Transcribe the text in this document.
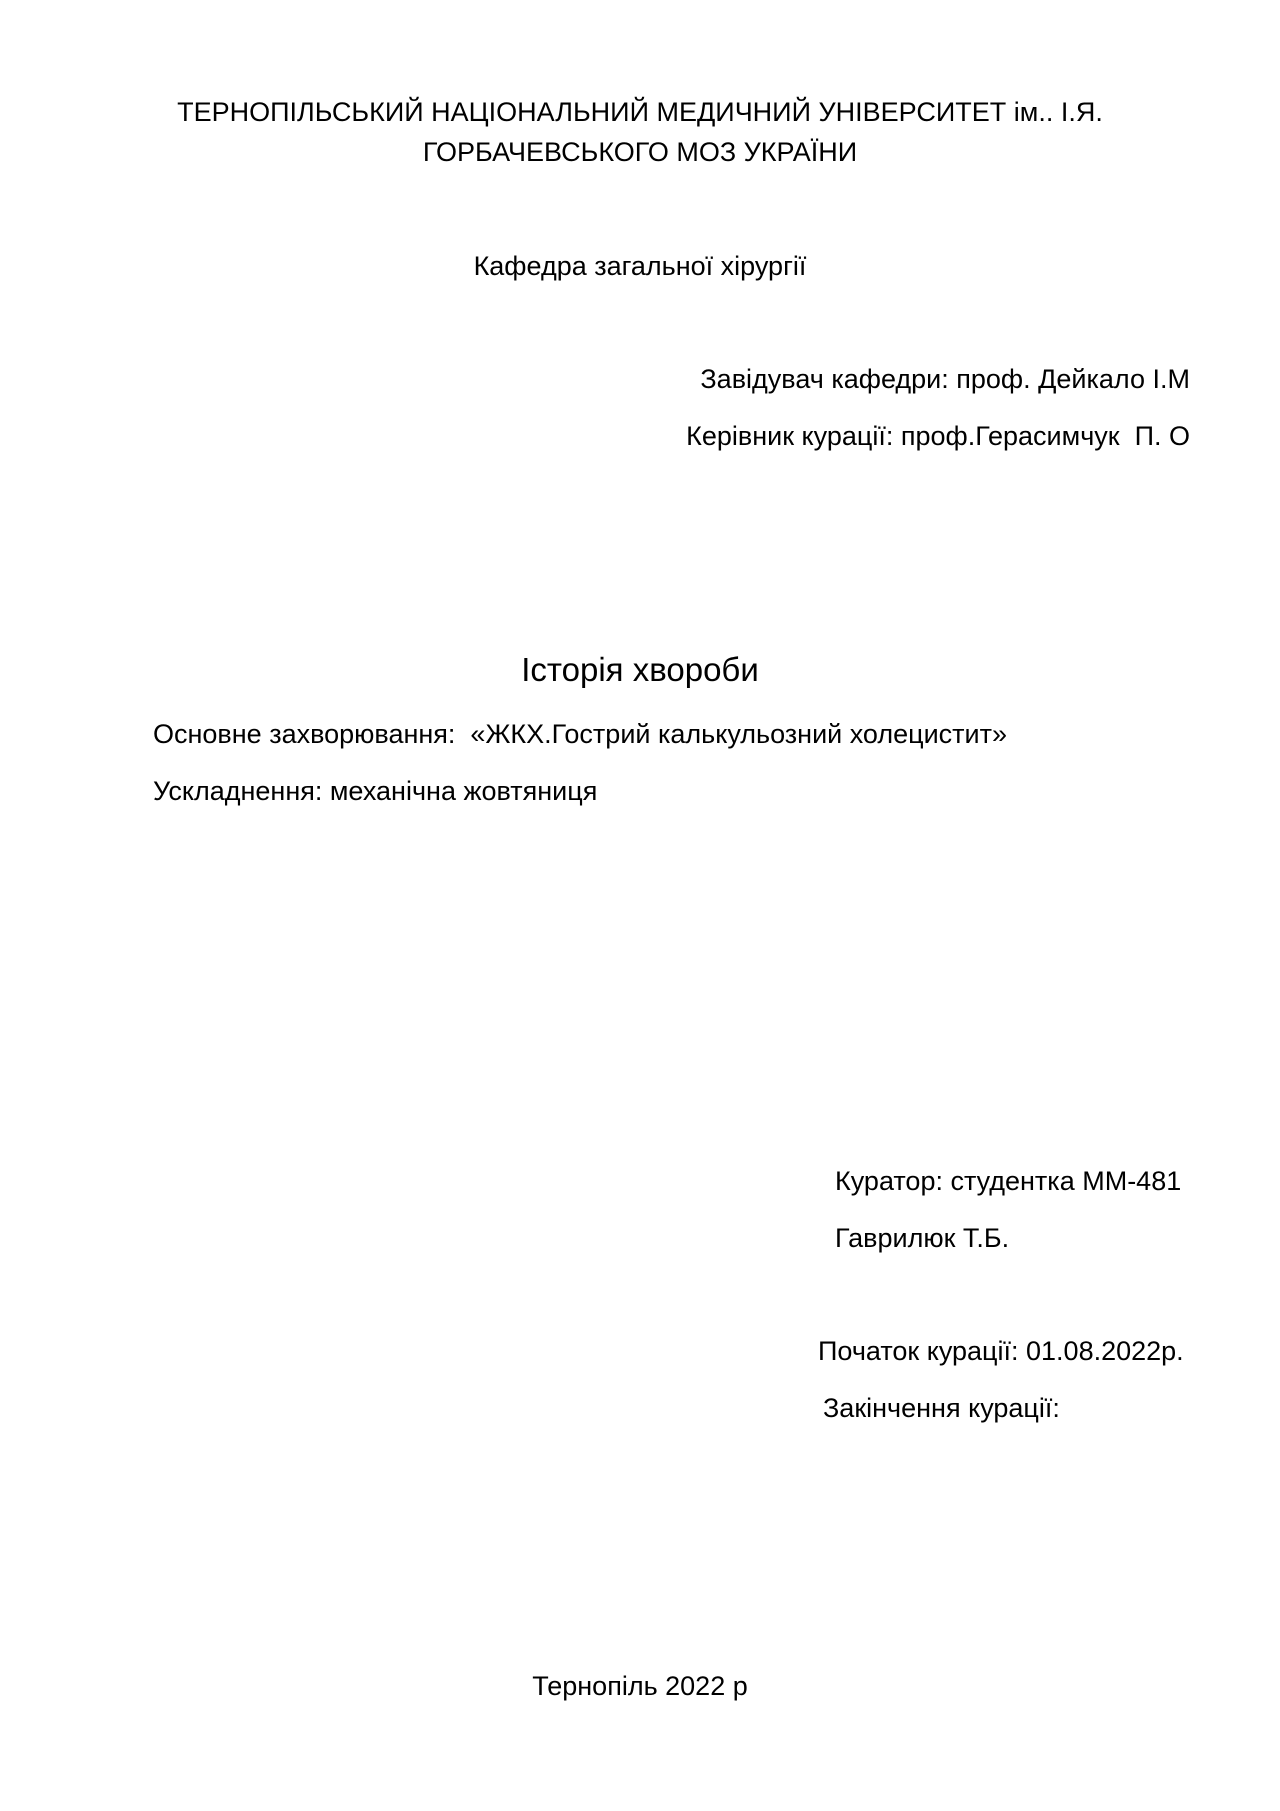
ТЕРНОПІЛЬСЬКИЙ НАЦІОНАЛЬНИЙ МЕДИЧНИЙ УНІВЕРСИТЕТ ім.. І.Я.
ГОРБАЧЕВСЬКОГО МОЗ УКРАЇНИ
Кафедра загальної хірургії
Завідувач кафедри: проф. Дейкало І.М
Керівник курації: проф.Герасимчук  П. О
Історія хвороби
Основне захворювання:  «ЖКХ.Гострий калькульозний холецистит»
Ускладнення: механічна жовтяниця
Куратор: студентка ММ-481
Гаврилюк Т.Б.
Початок курації: 01.08.2022р.
Закінчення курації:
Тернопіль 2022 р
